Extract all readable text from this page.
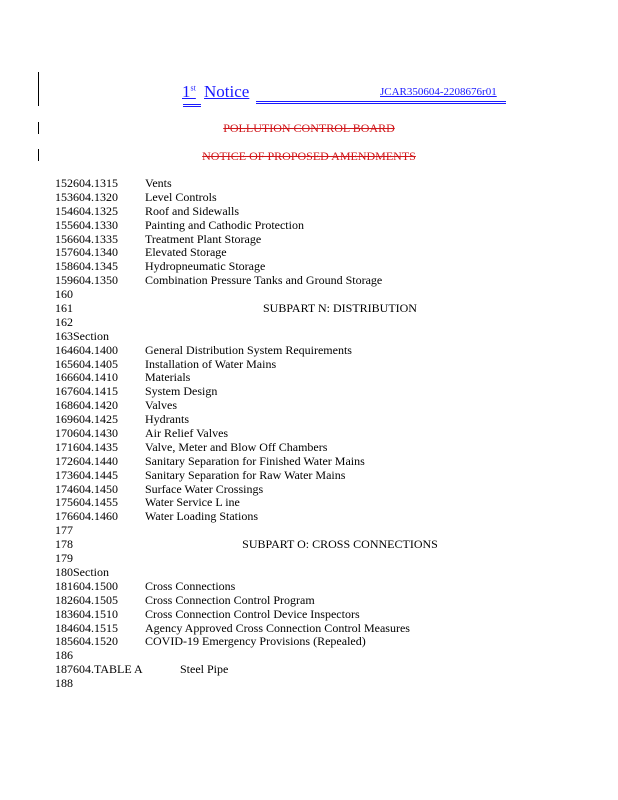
1st Notice	JCAR350604-2208676r01
POLLUTION CONTROL BOARD
NOTICE OF PROPOSED AMENDMENTS
152 604.1315 Vents
153 604.1320 Level Controls
154 604.1325 Roof and Sidewalls
155 604.1330 Painting and Cathodic Protection
156 604.1335 Treatment Plant Storage
157 604.1340 Elevated Storage
158 604.1345 Hydropneumatic Storage
159 604.1350 Combination Pressure Tanks and Ground Storage
160
161	SUBPART N: DISTRIBUTION
162
163 Section
164 604.1400 General Distribution System Requirements
165 604.1405 Installation of Water Mains
166 604.1410 Materials
167 604.1415 System Design
168 604.1420 Valves
169 604.1425 Hydrants
170 604.1430 Air Relief Valves
171 604.1435 Valve, Meter and Blow Off Chambers
172 604.1440 Sanitary Separation for Finished Water Mains
173 604.1445 Sanitary Separation for Raw Water Mains
174 604.1450 Surface Water Crossings
175 604.1455 Water Service L ine
176 604.1460 Water Loading Stations
177
178	SUBPART O: CROSS CONNECTIONS
179
180 Section
181 604.1500 Cross Connections
182 604.1505 Cross Connection Control Program
183 604.1510 Cross Connection Control Device Inspectors
184 604.1515 Agency Approved Cross Connection Control Measures
185 604.1520 COVID-19 Emergency Provisions (Repealed)
186
187 604.TABLE A	Steel Pipe
188
